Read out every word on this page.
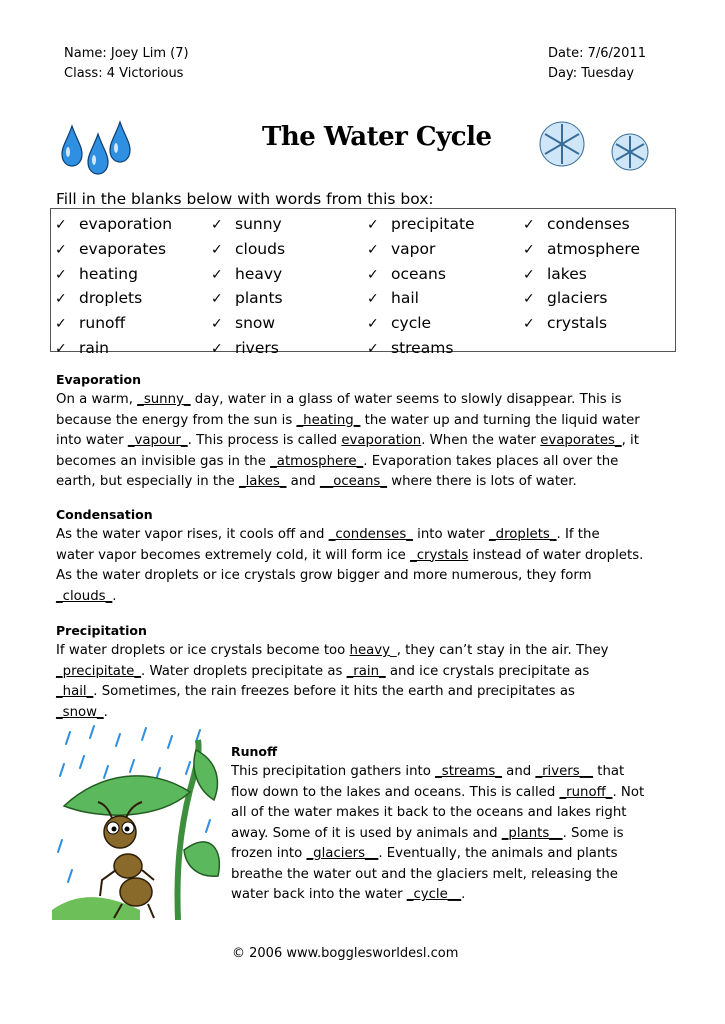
Name: Joey Lim (7)
Class: 4 Victorious
Date: 7/6/2011
Day: Tuesday
The Water Cycle
Fill in the blanks below with words from this box:
✓ evaporation
✓ evaporates
✓ heating
✓ droplets
✓ runoff
✓ rain
✓ sunny
✓ clouds
✓ heavy
✓ plants
✓ snow
✓ rivers
✓ precipitate
✓ vapor
✓ oceans
✓ hail
✓ cycle
✓ streams
✓ condenses
✓ atmosphere
✓ lakes
✓ glaciers
✓ crystals
Evaporation
On a warm, _sunny_ day, water in a glass of water seems to slowly disappear. This is
because the energy from the sun is _heating_ the water up and turning the liquid water
into water _vapour_. This process is called evaporation. When the water evaporates_, it
becomes an invisible gas in the _atmosphere_. Evaporation takes places all over the
earth, but especially in the _lakes_ and __oceans_ where there is lots of water.
Condensation
As the water vapor rises, it cools off and _condenses_ into water _droplets_. If the
water vapor becomes extremely cold, it will form ice _crystals instead of water droplets.
As the water droplets or ice crystals grow bigger and more numerous, they form
_clouds_.
Precipitation
If water droplets or ice crystals become too heavy_, they can’t stay in the air. They
_precipitate_. Water droplets precipitate as _rain_ and ice crystals precipitate as
_hail_. Sometimes, the rain freezes before it hits the earth and precipitates as
_snow_.
Runoff
This precipitation gathers into _streams_ and _rivers__ that
flow down to the lakes and oceans. This is called _runoff_. Not
all of the water makes it back to the oceans and lakes right
away. Some of it is used by animals and _plants__. Some is
frozen into _glaciers__. Eventually, the animals and plants
breathe the water out and the glaciers melt, releasing the
water back into the water _cycle__.
© 2006 www.bogglesworldesl.com
